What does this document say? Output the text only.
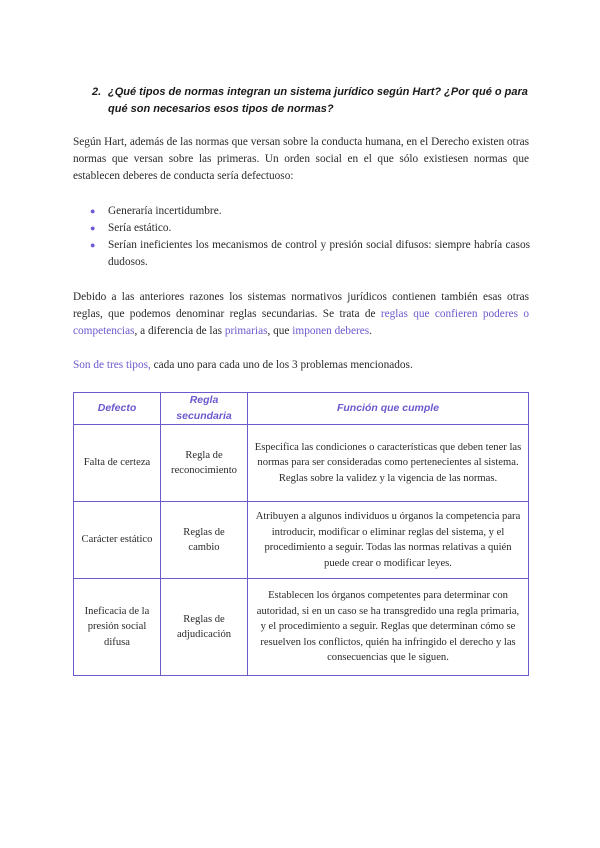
2. ¿Qué tipos de normas integran un sistema jurídico según Hart? ¿Por qué o para qué son necesarios esos tipos de normas?

Según Hart, además de las normas que versan sobre la conducta humana, en el Derecho existen otras normas que versan sobre las primeras. Un orden social en el que sólo existiesen normas que establecen deberes de conducta sería defectuoso:

● Generaría incertidumbre.
● Sería estático.
● Serían ineficientes los mecanismos de control y presión social difusos: siempre habría casos dudosos.

Debido a las anteriores razones los sistemas normativos jurídicos contienen también esas otras reglas, que podemos denominar reglas secundarias. Se trata de reglas que confieren poderes o competencias, a diferencia de las primarias, que imponen deberes.

Son de tres tipos, cada uno para cada uno de los 3 problemas mencionados.

Defecto	Regla secundaria	Función que cumple
Falta de certeza	Regla de reconocimiento	Especifica las condiciones o características que deben tener las normas para ser consideradas como pertenecientes al sistema. Reglas sobre la validez y la vigencia de las normas.
Carácter estático	Reglas de cambio	Atribuyen a algunos individuos u órganos la competencia para introducir, modificar o eliminar reglas del sistema, y el procedimiento a seguir. Todas las normas relativas a quién puede crear o modificar leyes.
Ineficacia de la presión social difusa	Reglas de adjudicación	Establecen los órganos competentes para determinar con autoridad, si en un caso se ha transgredido una regla primaria, y el procedimiento a seguir. Reglas que determinan cómo se resuelven los conflictos, quién ha infringido el derecho y las consecuencias que le siguen.
